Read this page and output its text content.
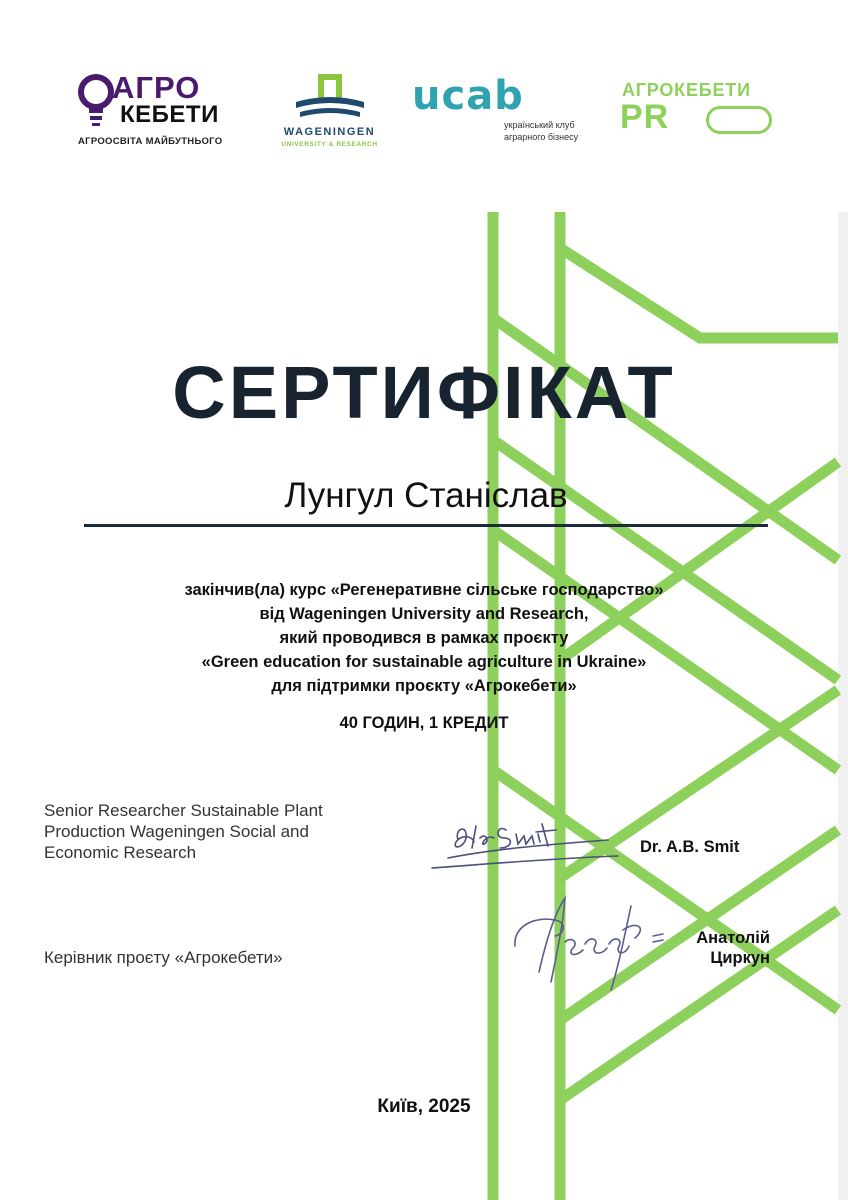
АГРО
КЕБЕТИ
АГРООСВІТА МАЙБУТНЬОГО
WAGENINGEN
UNIVERSITY & RESEARCH
ucab
український клуб
аграрного бізнесу
АГРОКЕБЕТИ
PR
СЕРТИФІКАТ
Лунгул Станіслав
закінчив(ла) курс «Регенеративне сільське господарство»
від Wageningen University and Research,
який проводився в рамках проєкту
«Green education for sustainable agriculture in Ukraine»
для підтримки проєкту «Агрокебети»
40 ГОДИН, 1 КРЕДИТ
Senior Researcher Sustainable Plant
Production Wageningen Social and
Economic Research	Dr. A.B. Smit
Керівник проєту «Агрокебети»
Анатолій
Циркун
Київ, 2025
